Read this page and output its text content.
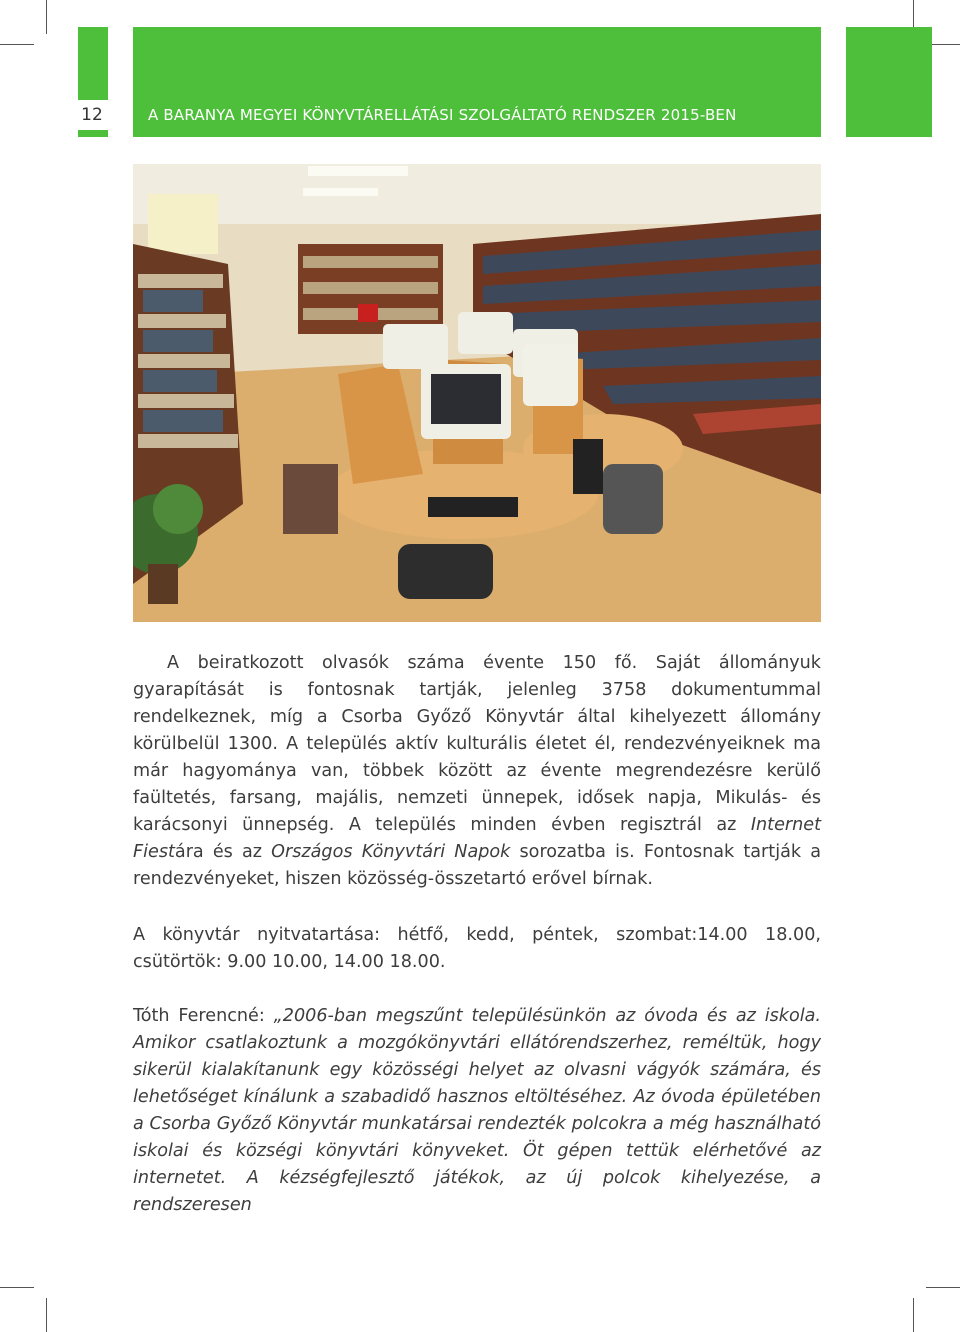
12	A BARANYA MEGYEI KÖNYVTÁRELLÁTÁSI SZOLGÁLTATÓ RENDSZER 2015-BEN

A beiratkozott olvasók száma évente 150 fő. Saját állományuk gyarapítását is fontosnak tartják, jelenleg 3758 dokumentummal rendelkeznek, míg a Csorba Győző Könyvtár által kihelyezett állomány körülbelül 1300. A település aktív kulturális életet él, rendezvényeiknek ma már hagyománya van, többek között az évente megrendezésre kerülő faültetés, farsang, majális, nemzeti ünnepek, idősek napja, Mikulás- és karácsonyi ünnepség. A település minden évben regisztrál az Internet Fiestára és az Országos Könyvtári Napok sorozatba is. Fontosnak tartják a rendezvényeket, hiszen közösség-összetartó erővel bírnak.

A könyvtár nyitvatartása: hétfő, kedd, péntek, szombat:14.00 18.00, csütörtök: 9.00 10.00, 14.00 18.00.

Tóth Ferencné: „2006-ban megszűnt településünkön az óvoda és az iskola. Amikor csatlakoztunk a mozgókönyvtári ellátórendszerhez, reméltük, hogy sikerül kialakítanunk egy közösségi helyet az olvasni vágyók számára, és lehetőséget kínálunk a szabadidő hasznos eltöltéséhez. Az óvoda épületében a Csorba Győző Könyvtár munkatársai rendezték polcokra a még használható iskolai és községi könyvtári könyveket. Öt gépen tettük elérhetővé az internetet. A kézségfejlesztő játékok, az új polcok kihelyezése, a rendszeresen
